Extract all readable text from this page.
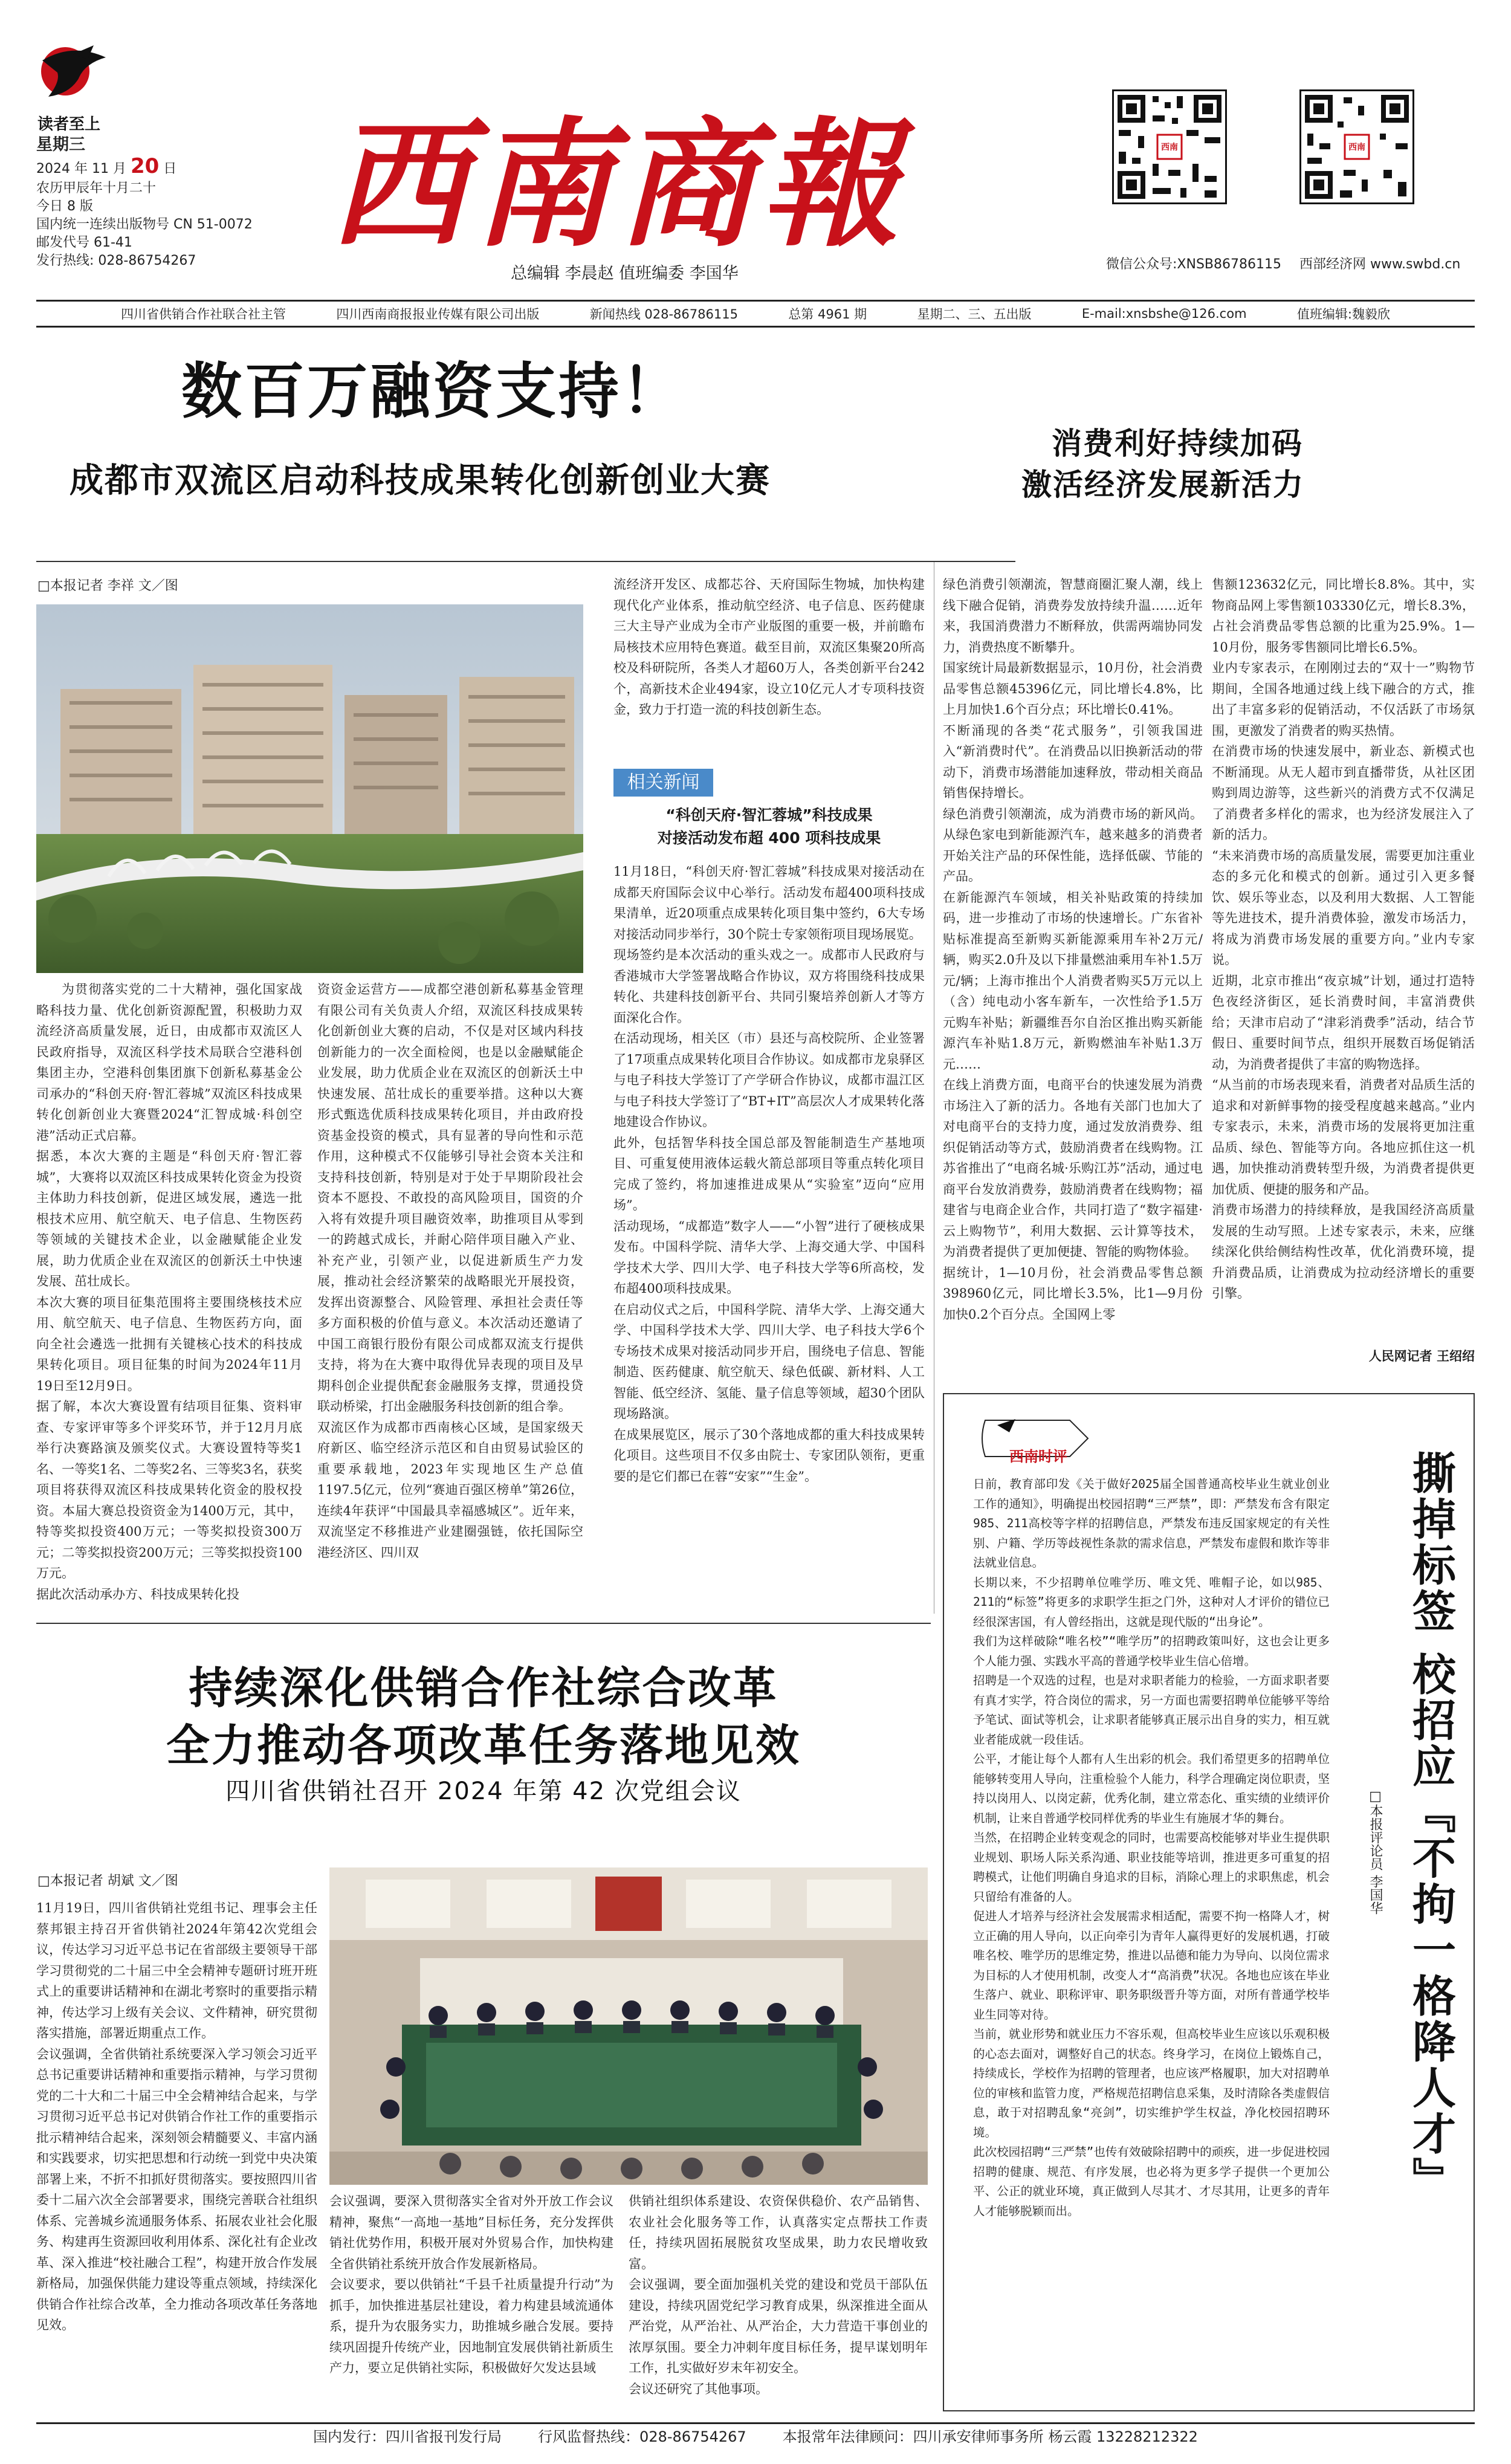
读者至上
星期三
2024 年 11 月 20 日
农历甲辰年十月二十
今日 8 版
国内统一连续出版物号 CN 51-0072
邮发代号 61-41
发行热线: 028-86754267 西南商報
总编辑 李晨赵 值班编委 李国华
西南	西南
微信公众号:XNSB86786115 西部经济网 www.swbd.cn
四川省供销合作社联合社主管	四川西南商报报业传媒有限公司出版	新闻热线 028-86786115	总第 4961 期	星期二、三、五出版	E-mail:xnsbshe@126.com	值班编辑:魏毅欣
数百万融资支持！
成都市双流区启动科技成果转化创新创业大赛
□本报记者 李祥 文／图
为贯彻落实党的二十大精神，强化国家战略科技力量、优化创新资源配置，积极助力双流经济高质量发展，近日，由成都市双流区人民政府指导，双流区科学技术局联合空港科创集团主办，空港科创集团旗下创新私募基金公司承办的“科创天府·智汇蓉城”双流区科技成果转化创新创业大赛暨2024“汇智成城·科创空港”活动正式启幕。
据悉，本次大赛的主题是“科创天府·智汇蓉城”，大赛将以双流区科技成果转化资金为投资主体助力科技创新，促进区域发展，遴选一批根技术应用、航空航天、电子信息、生物医药等领域的关键技术企业，以金融赋能企业发展，助力优质企业在双流区的创新沃土中快速发展、茁壮成长。
本次大赛的项目征集范围将主要围绕核技术应用、航空航天、电子信息、生物医药方向，面向全社会遴选一批拥有关键核心技术的科技成果转化项目。项目征集的时间为2024年11月19日至12月9日。
据了解，本次大赛设置有结项目征集、资料审查、专家评审等多个评奖环节，并于12月月底举行决赛路演及颁奖仪式。大赛设置特等奖1名、一等奖1名、二等奖2名、三等奖3名，获奖项目将获得双流区科技成果转化资金的股权投资。本届大赛总投资资金为1400万元，其中，特等奖拟投资400万元；一等奖拟投资300万元；二等奖拟投资200万元；三等奖拟投资100万元。
据此次活动承办方、科技成果转化投
资资金运营方——成都空港创新私募基金管理有限公司有关负责人介绍，双流区科技成果转化创新创业大赛的启动，不仅是对区域内科技创新能力的一次全面检阅，也是以金融赋能企业发展，助力优质企业在双流区的创新沃土中快速发展、茁壮成长的重要举措。这种以大赛形式甄选优质科技成果转化项目，并由政府投资基金投资的模式，具有显著的导向性和示范作用，这种模式不仅能够引导社会资本关注和支持科技创新，特别是对于处于早期阶段社会资本不愿投、不敢投的高风险项目，国资的介入将有效提升项目融资效率，助推项目从零到一的跨越式成长，并耐心陪伴项目融入产业、补充产业，引领产业，以促进新质生产力发展，推动社会经济繁荣的战略眼光开展投资，发挥出资源整合、风险管理、承担社会责任等多方面积极的价值与意义。本次活动还邀请了中国工商银行股份有限公司成都双流支行提供支持，将为在大赛中取得优异表现的项目及早期科创企业提供配套金融服务支撑，贯通投贷联动桥梁，打出金融服务科技创新的组合拳。
双流区作为成都市西南核心区域，是国家级天府新区、临空经济示范区和自由贸易试验区的重要承载地，2023年实现地区生产总值1197.5亿元，位列“赛迪百强区榜单”第26位，连续4年获评“中国最具幸福感城区”。近年来，双流坚定不移推进产业建圈强链，依托国际空港经济区、四川双
流经济开发区、成都芯谷、天府国际生物城，加快构建现代化产业体系，推动航空经济、电子信息、医药健康三大主导产业成为全市产业版图的重要一极，并前瞻布局核技术应用特色赛道。截至目前，双流区集聚20所高校及科研院所，各类人才超60万人，各类创新平台242个，高新技术企业494家，设立10亿元人才专项科技资金，致力于打造一流的科技创新生态。
相关新闻
“科创天府·智汇蓉城”科技成果
对接活动发布超 400 项科技成果
11月18日，“科创天府·智汇蓉城”科技成果对接活动在成都天府国际会议中心举行。活动发布超400项科技成果清单，近20项重点成果转化项目集中签约，6大专场对接活动同步举行，30个院士专家领衔项目现场展览。
现场签约是本次活动的重头戏之一。成都市人民政府与香港城市大学签署战略合作协议，双方将围绕科技成果转化、共建科技创新平台、共同引聚培养创新人才等方面深化合作。
在活动现场，相关区（市）县还与高校院所、企业签署了17项重点成果转化项目合作协议。如成都市龙泉驿区与电子科技大学签订了产学研合作协议，成都市温江区与电子科技大学签订了“BT+IT”高层次人才成果转化落地建设合作协议。
此外，包括智华科技全国总部及智能制造生产基地项目、可重复使用液体运载火箭总部项目等重点转化项目完成了签约，将加速推进成果从“实验室”迈向“应用场”。
活动现场，“成都造”数字人——“小智”进行了硬核成果发布。中国科学院、清华大学、上海交通大学、中国科学技术大学、四川大学、电子科技大学等6所高校，发布超400项科技成果。
在启动仪式之后，中国科学院、清华大学、上海交通大学、中国科学技术大学、四川大学、电子科技大学6个专场技术成果对接活动同步开启，围绕电子信息、智能制造、医药健康、航空航天、绿色低碳、新材料、人工智能、低空经济、氢能、量子信息等领域，超30个团队现场路演。
在成果展览区，展示了30个落地成都的重大科技成果转化项目。这些项目不仅多由院士、专家团队领衔，更重要的是它们都已在蓉“安家”“生金”。
消费利好持续加码
激活经济发展新活力
绿色消费引领潮流，智慧商圈汇聚人潮，线上线下融合促销，消费券发放持续升温……近年来，我国消费潜力不断释放，供需两端协同发力，消费热度不断攀升。
国家统计局最新数据显示，10月份，社会消费品零售总额45396亿元，同比增长4.8%，比上月加快1.6个百分点；环比增长0.41%。
不断涌现的各类“花式服务”，引领我国进入“新消费时代”。在消费品以旧换新活动的带动下，消费市场潜能加速释放，带动相关商品销售保持增长。
绿色消费引领潮流，成为消费市场的新风尚。从绿色家电到新能源汽车，越来越多的消费者开始关注产品的环保性能，选择低碳、节能的产品。
在新能源汽车领域，相关补贴政策的持续加码，进一步推动了市场的快速增长。广东省补贴标准提高至新购买新能源乘用车补2万元/辆，购买2.0升及以下排量燃油乘用车补1.5万元/辆；上海市推出个人消费者购买5万元以上（含）纯电动小客车新车，一次性给予1.5万元购车补贴；新疆维吾尔自治区推出购买新能源汽车补贴1.8万元，新购燃油车补贴1.3万元……
在线上消费方面，电商平台的快速发展为消费市场注入了新的活力。各地有关部门也加大了对电商平台的支持力度，通过发放消费券、组织促销活动等方式，鼓励消费者在线购物。江苏省推出了“电商名城·乐购江苏”活动，通过电商平台发放消费券，鼓励消费者在线购物；福建省与电商企业合作，共同打造了“数字福建·云上购物节”，利用大数据、云计算等技术，为消费者提供了更加便捷、智能的购物体验。
据统计，1—10月份，社会消费品零售总额398960亿元，同比增长3.5%，比1—9月份加快0.2个百分点。全国网上零
售额123632亿元，同比增长8.8%。其中，实物商品网上零售额103330亿元，增长8.3%，占社会消费品零售总额的比重为25.9%。1—10月份，服务零售额同比增长6.5%。
业内专家表示，在刚刚过去的“双十一”购物节期间，全国各地通过线上线下融合的方式，推出了丰富多彩的促销活动，不仅活跃了市场氛围，更激发了消费者的购买热情。
在消费市场的快速发展中，新业态、新模式也不断涌现。从无人超市到直播带货，从社区团购到周边游等，这些新兴的消费方式不仅满足了消费者多样化的需求，也为经济发展注入了新的活力。
“未来消费市场的高质量发展，需要更加注重业态的多元化和模式的创新。通过引入更多餐饮、娱乐等业态，以及利用大数据、人工智能等先进技术，提升消费体验，激发市场活力，将成为消费市场发展的重要方向。”业内专家说。
近期，北京市推出“夜京城”计划，通过打造特色夜经济街区，延长消费时间，丰富消费供给；天津市启动了“津彩消费季”活动，结合节假日、重要时间节点，组织开展数百场促销活动，为消费者提供了丰富的购物选择。
“从当前的市场表现来看，消费者对品质生活的追求和对新鲜事物的接受程度越来越高。”业内专家表示，未来，消费市场的发展将更加注重品质、绿色、智能等方向。各地应抓住这一机遇，加快推动消费转型升级，为消费者提供更加优质、便捷的服务和产品。
消费市场潜力的持续释放，是我国经济高质量发展的生动写照。上述专家表示，未来，应继续深化供给侧结构性改革，优化消费环境，提升消费品质，让消费成为拉动经济增长的重要引擎。
人民网记者 王绍绍
持续深化供销合作社综合改革
全力推动各项改革任务落地见效
四川省供销社召开 2024 年第 42 次党组会议
□本报记者 胡斌 文／图
11月19日，四川省供销社党组书记、理事会主任蔡邦银主持召开省供销社2024年第42次党组会议，传达学习习近平总书记在省部级主要领导干部学习贯彻党的二十届三中全会精神专题研讨班开班式上的重要讲话精神和在湖北考察时的重要指示精神，传达学习上级有关会议、文件精神，研究贯彻落实措施，部署近期重点工作。
会议强调，全省供销社系统要深入学习领会习近平总书记重要讲话精神和重要指示精神，与学习贯彻党的二十大和二十届三中全会精神结合起来，与学习贯彻习近平总书记对供销合作社工作的重要指示批示精神结合起来，深刻领会精髓要义、丰富内涵和实践要求，切实把思想和行动统一到党中央决策部署上来，不折不扣抓好贯彻落实。要按照四川省委十二届六次全会部署要求，围绕完善联合社组织体系、完善城乡流通服务体系、拓展农业社会化服务、构建再生资源回收利用体系、深化社有企业改革、深入推进“校社融合工程”，构建开放合作发展新格局，加强保供能力建设等重点领域，持续深化供销合作社综合改革，全力推动各项改革任务落地见效。
会议强调，要深入贯彻落实全省对外开放工作会议精神，聚焦“一高地一基地”目标任务，充分发挥供销社优势作用，积极开展对外贸易合作，加快构建全省供销社系统开放合作发展新格局。
会议要求，要以供销社“千县千社质量提升行动”为抓手，加快推进基层社建设，着力构建县域流通体系，提升为农服务实力，助推城乡融合发展。要持续巩固提升传统产业，因地制宜发展供销社新质生产力，要立足供销社实际，积极做好欠发达县域
供销社组织体系建设、农资保供稳价、农产品销售、农业社会化服务等工作，认真落实定点帮扶工作责任，持续巩固拓展脱贫攻坚成果，助力农民增收致富。
会议强调，要全面加强机关党的建设和党员干部队伍建设，持续巩固党纪学习教育成果，纵深推进全面从严治党，从严治社、从严治企，大力营造干事创业的浓厚氛围。要全力冲刺年度目标任务，提早谋划明年工作，扎实做好岁末年初安全。
会议还研究了其他事项。
西南时评
日前，教育部印发《关于做好2025届全国普通高校毕业生就业创业工作的通知》，明确提出校园招聘“三严禁”，即：严禁发布含有限定985、211高校等字样的招聘信息，严禁发布违反国家规定的有关性别、户籍、学历等歧视性条款的需求信息，严禁发布虚假和欺诈等非法就业信息。
长期以来，不少招聘单位唯学历、唯文凭、唯帽子论，如以985、211的“标签”将更多的求职学生拒之门外，这种对人才评价的错位已经很深害国，有人曾经指出，这就是现代版的“出身论”。
我们为这样破除“唯名校”“唯学历”的招聘政策叫好，这也会让更多个人能力强、实践水平高的普通学校毕业生信心倍增。
招聘是一个双选的过程，也是对求职者能力的检验，一方面求职者要有真才实学，符合岗位的需求，另一方面也需要招聘单位能够平等给予笔试、面试等机会，让求职者能够真正展示出自身的实力，相互就业者能成就一段佳话。
公平，才能让每个人都有人生出彩的机会。我们希望更多的招聘单位能够转变用人导向，注重检验个人能力，科学合理确定岗位职责，坚持以岗用人、以岗定薪，优秀化制，建立常态化、重实绩的业绩评价机制，让来自普通学校同样优秀的毕业生有施展才华的舞台。
当然，在招聘企业转变观念的同时，也需要高校能够对毕业生提供职业规划、职场人际关系沟通、职业技能等培训，推进更多可重复的招聘模式，让他们明确自身追求的目标，消除心理上的求职焦虑，机会只留给有准备的人。
促进人才培养与经济社会发展需求相适配，需要不拘一格降人才，树立正确的用人导向，以正向牵引为青年人赢得更好的发展机遇，打破唯名校、唯学历的思维定势，推进以品德和能力为导向、以岗位需求为目标的人才使用机制，改变人才“高消费”状况。各地也应该在毕业生落户、就业、职称评审、职务职级晋升等方面，对所有普通学校毕业生同等对待。
当前，就业形势和就业压力不容乐观，但高校毕业生应该以乐观积极的心态去面对，调整好自己的状态。终身学习，在岗位上锻炼自己，持续成长，学校作为招聘的管理者，也应该严格履职，加大对招聘单位的审核和监管力度，严格规范招聘信息采集，及时清除各类虚假信息，敢于对招聘乱象“亮剑”，切实维护学生权益，净化校园招聘环境。
此次校园招聘“三严禁”也传有效破除招聘中的顽疾，进一步促进校园招聘的健康、规范、有序发展，也必将为更多学子提供一个更加公平、公正的就业环境，真正做到人尽其才、才尽其用，让更多的青年人才能够脱颖而出。
撕掉标签 校招应『不拘一格降人才』
□本报评论员 李国华
国内发行：四川省报刊发行局	行风监督热线：028-86754267	本报常年法律顾问：四川承安律师事务所 杨云霞 13228212322
